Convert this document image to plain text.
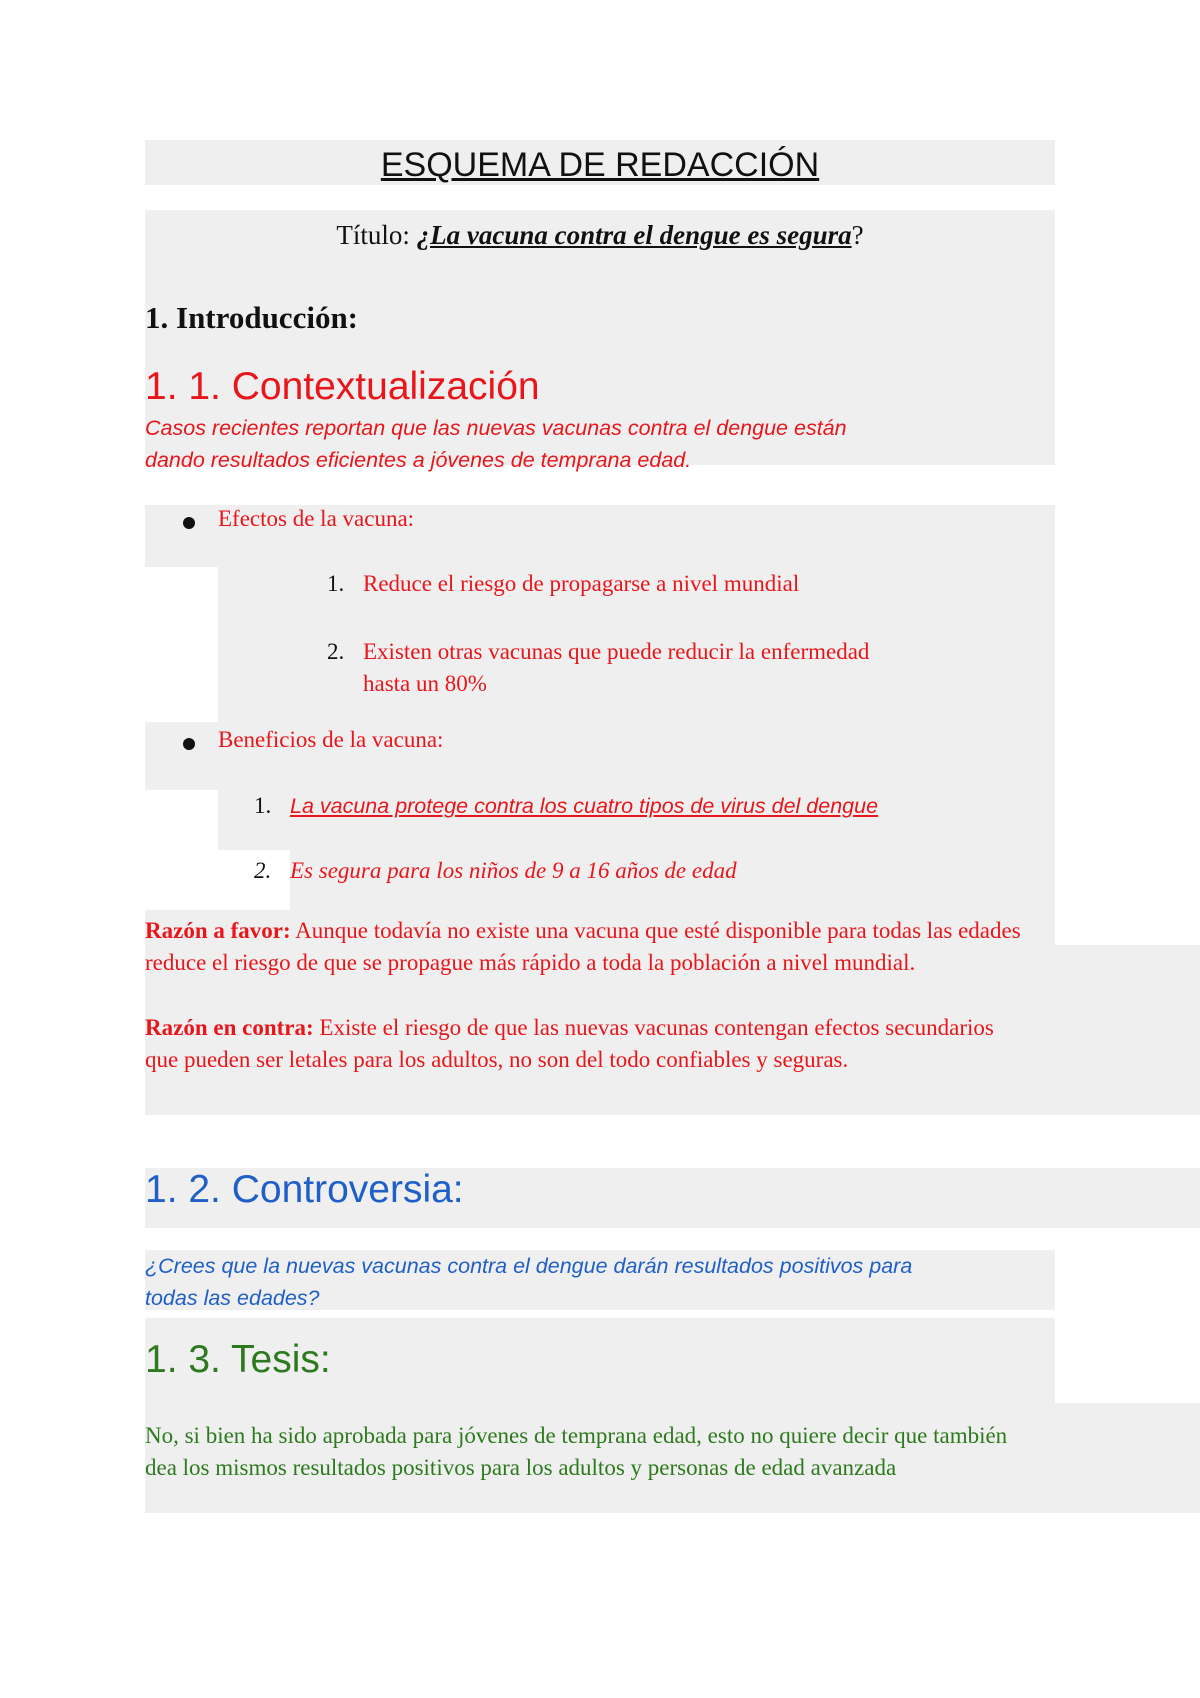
ESQUEMA DE REDACCIÓN
Título: ¿La vacuna contra el dengue es segura?
1. Introducción:
1. 1. Contextualización
Casos recientes reportan que las nuevas vacunas contra el dengue están
dando resultados eficientes a jóvenes de temprana edad.
Efectos de la vacuna:
1. Reduce el riesgo de propagarse a nivel mundial
2. Existen otras vacunas que puede reducir la enfermedad
hasta un 80%
Beneficios de la vacuna:
1. La vacuna protege contra los cuatro tipos de virus del dengue
2. Es segura para los niños de 9 a 16 años de edad
Razón a favor: Aunque todavía no existe una vacuna que esté disponible para todas las edades
reduce el riesgo de que se propague más rápido a toda la población a nivel mundial.
Razón en contra: Existe el riesgo de que las nuevas vacunas contengan efectos secundarios
que pueden ser letales para los adultos, no son del todo confiables y seguras.
1. 2. Controversia:
¿Crees que la nuevas vacunas contra el dengue darán resultados positivos para
todas las edades?
1. 3. Tesis:
No, si bien ha sido aprobada para jóvenes de temprana edad, esto no quiere decir que también
dea los mismos resultados positivos para los adultos y personas de edad avanzada
